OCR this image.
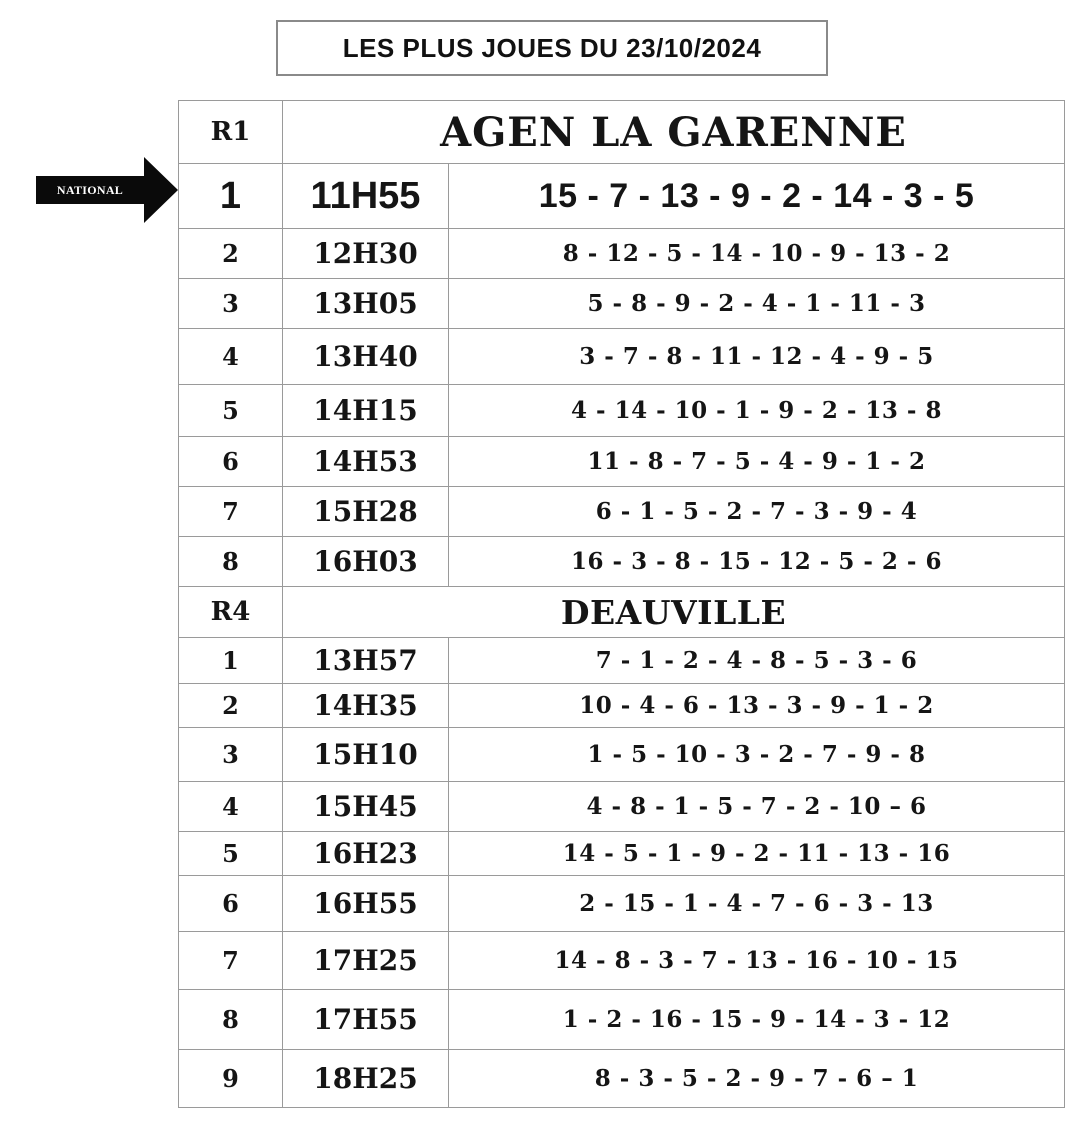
LES PLUS JOUES DU 23/10/2024
NATIONAL
R1	AGEN LA GARENNE	
1	11H55	15 - 7 - 13 - 9 - 2 - 14 - 3 - 5
2	12H30	8 - 12 - 5 - 14 - 10 - 9 - 13 - 2
3	13H05	5 - 8 - 9 - 2 - 4 - 1 - 11 - 3
4	13H40	3 - 7 - 8 - 11 - 12 - 4 - 9 - 5
5	14H15	4 - 14 - 10 - 1 - 9 - 2 - 13 - 8
6	14H53	11 - 8 - 7 - 5 - 4 - 9 - 1 - 2
7	15H28	6 - 1 - 5 - 2 - 7 - 3 - 9 - 4
8	16H03	16 - 3 - 8 - 15 - 12 - 5 - 2 - 6
R4	DEAUVILLE	
1	13H57	7 - 1 - 2 - 4 - 8 - 5 - 3 - 6
2	14H35	10 - 4 - 6 - 13 - 3 - 9 - 1 - 2
3	15H10	1 - 5 - 10 - 3 - 2 - 7 - 9 - 8
4	15H45	4 - 8 - 1 - 5 - 7 - 2 - 10 – 6
5	16H23	14 - 5 - 1 - 9 - 2 - 11 - 13 - 16
6	16H55	2 - 15 - 1 - 4 - 7 - 6 - 3 - 13
7	17H25	14 - 8 - 3 - 7 - 13 - 16 - 10 - 15
8	17H55	1 - 2 - 16 - 15 - 9 - 14 - 3 - 12
9	18H25	8 - 3 - 5 - 2 - 9 - 7 - 6 – 1
